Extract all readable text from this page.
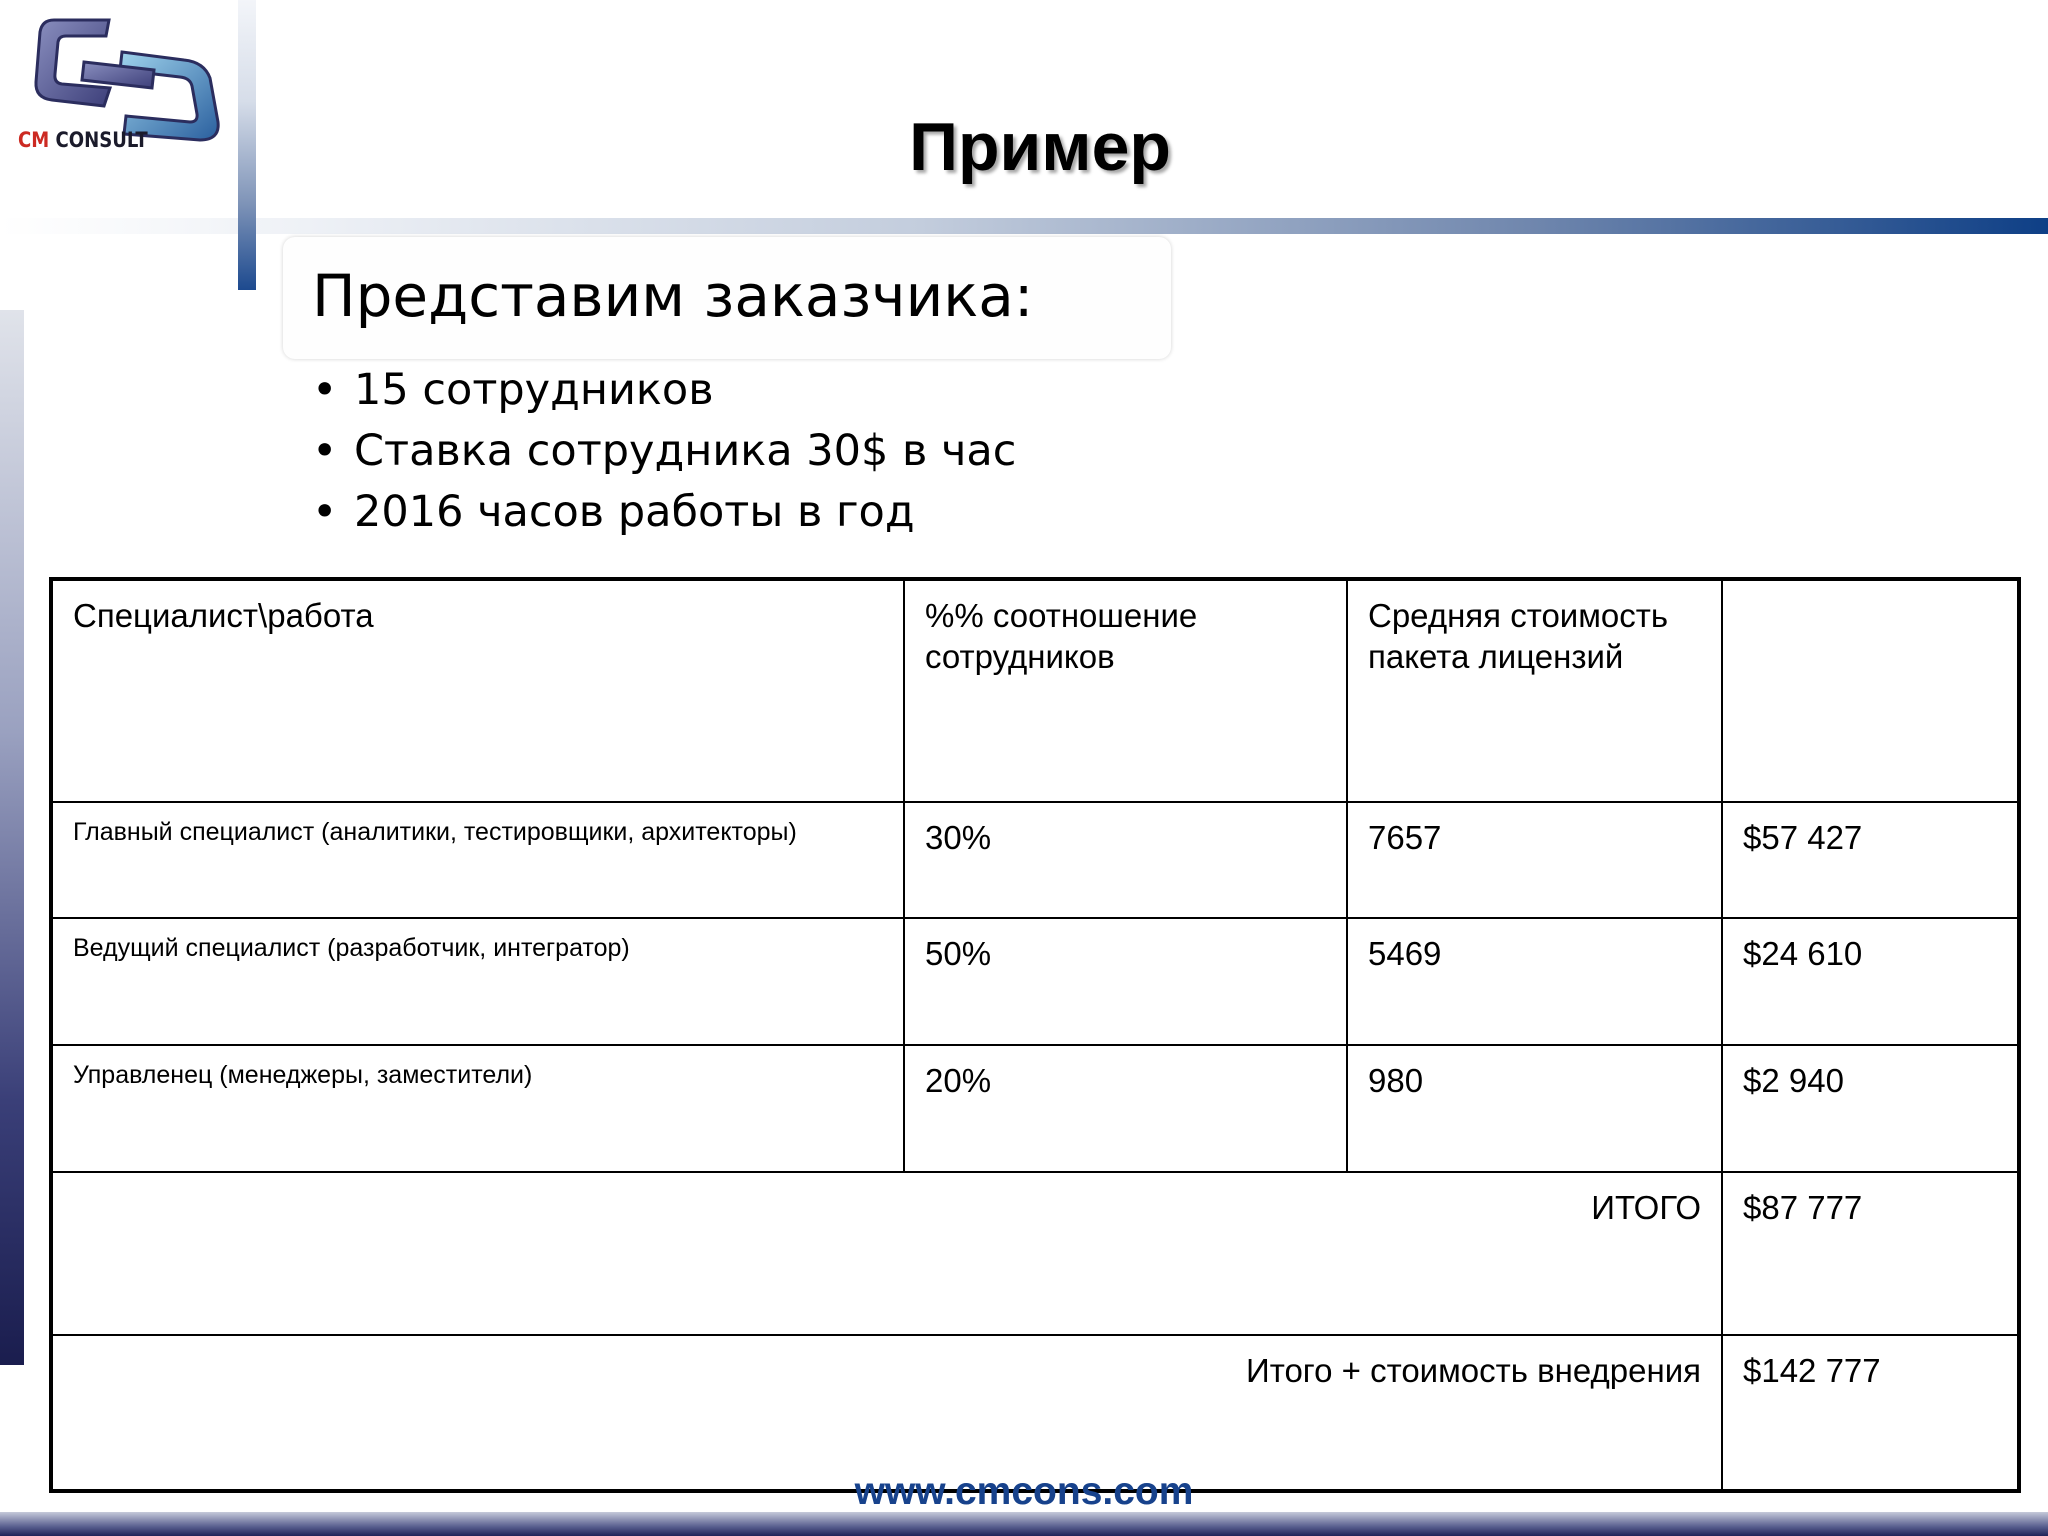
CM CONSULT	Пример
Представим заказчика:
• 15 сотрудников
• Ставка сотрудника 30$ в час
• 2016 часов работы в год
Специалист\работа	%% соотношение сотрудников	Средняя стоимость пакета лицензий	
Главный специалист (аналитики, тестировщики, архитекторы)	30%	7657	$57 427
Ведущий специалист (разработчик, интегратор)	50%	5469	$24 610
Управленец (менеджеры, заместители)	20%	980	$2 940
ИТОГО			$87 777
Итого + стоимость внедрения			$142 777
www.cmcons.com
